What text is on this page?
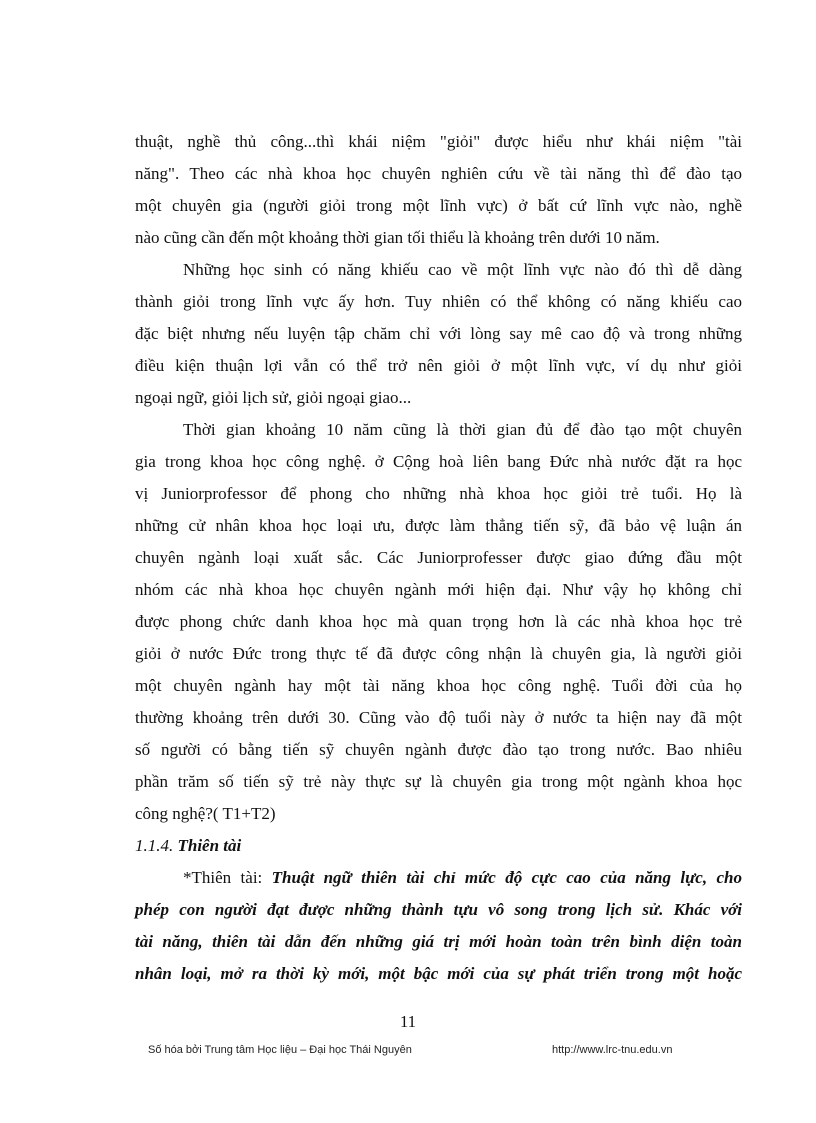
thuật, nghề thủ công...thì khái niệm "giỏi" được hiểu như khái niệm "tài
năng". Theo các nhà khoa học chuyên nghiên cứu về tài năng thì để đào tạo
một chuyên gia (người giỏi trong một lĩnh vực) ở bất cứ lĩnh vực nào, nghề
nào cũng cần đến một khoảng thời gian tối thiểu là khoảng trên dưới 10 năm.
Những học sinh có năng khiếu cao về một lĩnh vực nào đó thì dễ dàng
thành giỏi trong lĩnh vực ấy hơn. Tuy nhiên có thể không có năng khiếu cao
đặc biệt nhưng nếu luyện tập chăm chỉ với lòng say mê cao độ và trong những
điều kiện thuận lợi vẫn có thể trở nên giỏi ở một lĩnh vực, ví dụ như giỏi
ngoại ngữ, giỏi lịch sử, giỏi ngoại giao...
Thời gian khoảng 10 năm cũng là thời gian đủ để đào tạo một chuyên
gia trong khoa học công nghệ. ở Cộng hoà liên bang Đức nhà nước đặt ra học
vị Juniorprofessor để phong cho những nhà khoa học giỏi trẻ tuổi. Họ là
những cử nhân khoa học loại ưu, được làm thẳng tiến sỹ, đã bảo vệ luận án
chuyên ngành loại xuất sắc. Các Juniorprofesser được giao đứng đầu một
nhóm các nhà khoa học chuyên ngành mới hiện đại. Như vậy họ không chỉ
được phong chức danh khoa học mà quan trọng hơn là các nhà khoa học trẻ
giỏi ở nước Đức trong thực tế đã được công nhận là chuyên gia, là người giỏi
một chuyên ngành hay một tài năng khoa học công nghệ. Tuổi đời của họ
thường khoảng trên dưới 30. Cũng vào độ tuổi này ở nước ta hiện nay đã một
số người có bằng tiến sỹ chuyên ngành được đào tạo trong nước. Bao nhiêu
phần trăm số tiến sỹ trẻ này thực sự là chuyên gia trong một ngành khoa học
công nghệ?( T1+T2)
1.1.4. Thiên tài
*Thiên tài: Thuật ngữ thiên tài chỉ mức độ cực cao của năng lực, cho
phép con người đạt được những thành tựu vô song trong lịch sử. Khác với
tài năng, thiên tài dẫn đến những giá trị mới hoàn toàn trên bình diện toàn
nhân loại, mở ra thời kỳ mới, một bậc mới của sự phát triển trong một hoặc
11
Số hóa bởi Trung tâm Học liệu – Đại học Thái Nguyên	http://www.lrc-tnu.edu.vn
